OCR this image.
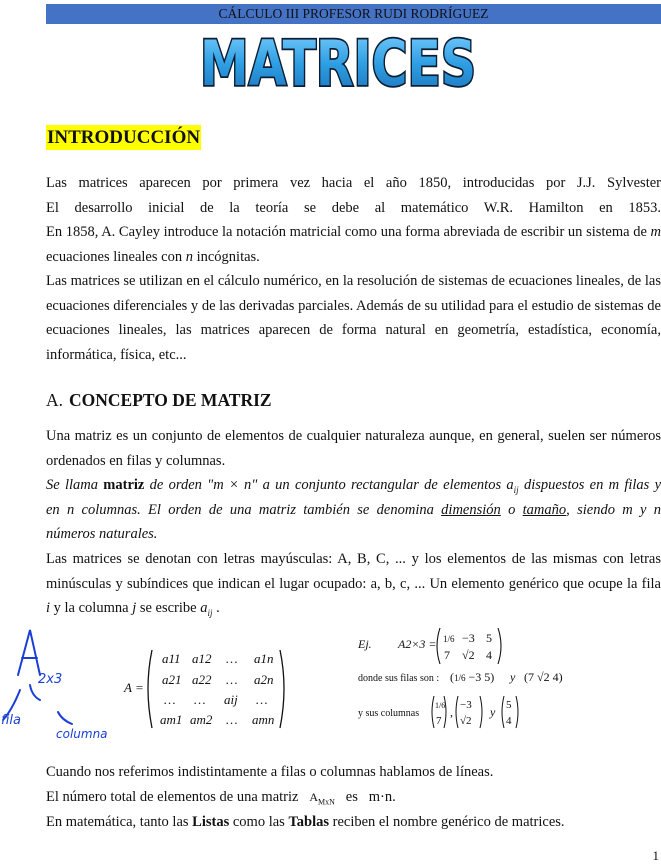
CÁLCULO III PROFESOR RUDI RODRÍGUEZ
MATRICES
INTRODUCCIÓN
Las matrices aparecen por primera vez hacia el año 1850, introducidas por J.J. Sylvester
El desarrollo inicial de la teoría se debe al matemático W.R. Hamilton en 1853.
En 1858, A. Cayley introduce la notación matricial como una forma abreviada de escribir un sistema de m
ecuaciones lineales con n incógnitas.
Las matrices se utilizan en el cálculo numérico, en la resolución de sistemas de ecuaciones lineales, de las
ecuaciones diferenciales y de las derivadas parciales. Además de su utilidad para el estudio de sistemas de
ecuaciones lineales, las matrices aparecen de forma natural en geometría, estadística, economía,
informática, física, etc...
A. CONCEPTO DE MATRIZ
Una matriz es un conjunto de elementos de cualquier naturaleza aunque, en general, suelen ser números
ordenados en filas y columnas.
Se llama matriz de orden "m × n" a un conjunto rectangular de elementos $a_{ij}$ dispuestos en m filas y
en n columnas. El orden de una matriz también se denomina dimensión o tamaño, siendo m y n
números naturales.
Las matrices se denotan con letras mayúsculas: A, B, C, ... y los elementos de las mismas con letras
minúsculas y subíndices que indican el lugar ocupado: a, b, c, ... Un elemento genérico que ocupe la fila
i y la columna j se escribe $a_{ij}$ .
2x3
fila
columna
A =
a11 a12 … a1n
a21 a22 … a2n
… … aij …
am1 am2 … amn
Ej. A2×3 = 1/6 −3 5
7 √2 4
donde sus filas son : (1/6 −3 5) y (7 √2 4)
y sus columnas
1/6
7
, −3
√2
y 5
4
Cuando nos referimos indistintamente a filas o columnas hablamos de líneas.
El número total de elementos de una matriz $A_{MxN}$ es m·n.
En matemática, tanto las Listas como las Tablas reciben el nombre genérico de matrices.
1
